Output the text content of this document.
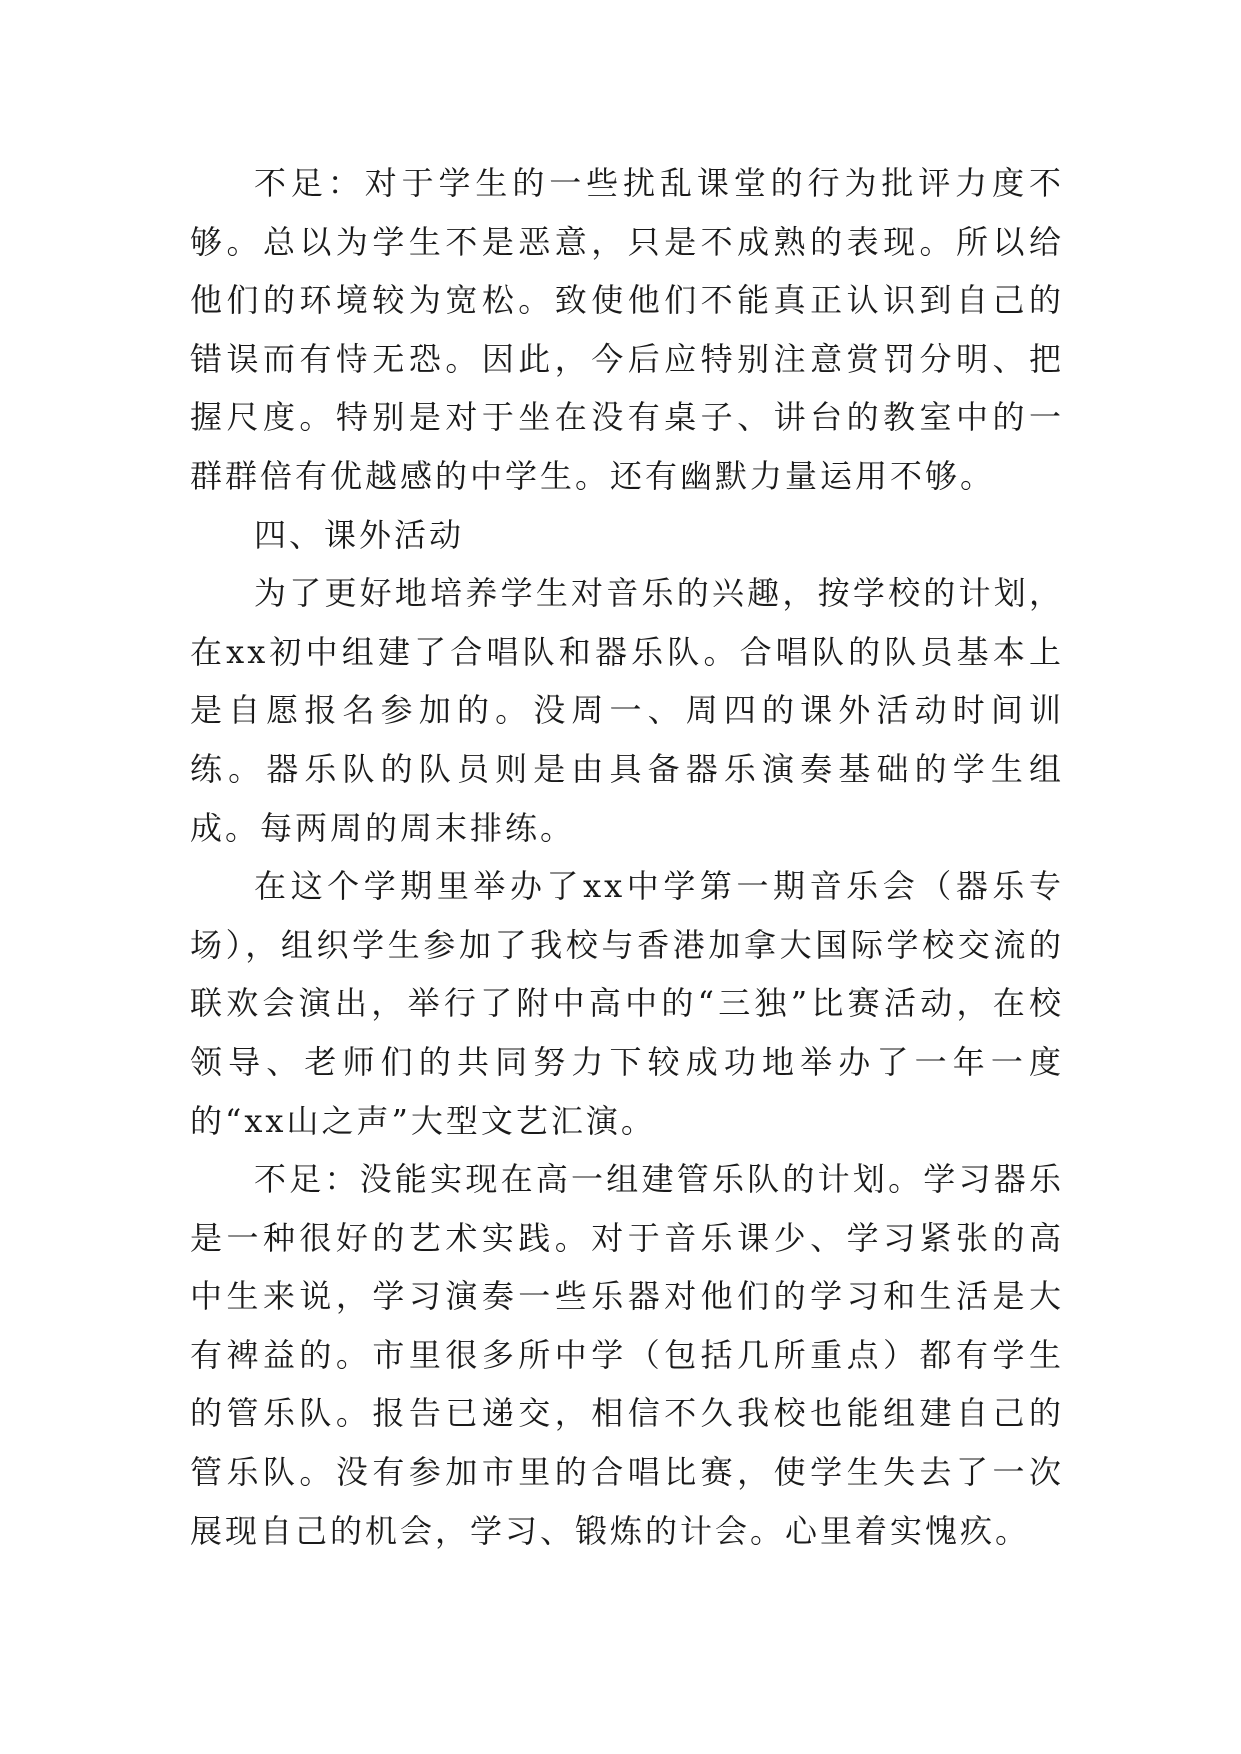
不足：对于学生的一些扰乱课堂的行为批评力度不够。总以为学生不是恶意，只是不成熟的表现。所以给他们的环境较为宽松。致使他们不能真正认识到自己的错误而有恃无恐。因此，今后应特别注意赏罚分明、把握尺度。特别是对于坐在没有桌子、讲台的教室中的一群群倍有优越感的中学生。还有幽默力量运用不够。

四、课外活动

为了更好地培养学生对音乐的兴趣，按学校的计划，在xx初中组建了合唱队和器乐队。合唱队的队员基本上是自愿报名参加的。没周一、周四的课外活动时间训练。器乐队的队员则是由具备器乐演奏基础的学生组成。每两周的周末排练。

在这个学期里举办了xx中学第一期音乐会（器乐专场），组织学生参加了我校与香港加拿大国际学校交流的联欢会演出，举行了附中高中的“三独”比赛活动，在校领导、老师们的共同努力下较成功地举办了一年一度的“xx山之声”大型文艺汇演。

不足：没能实现在高一组建管乐队的计划。学习器乐是一种很好的艺术实践。对于音乐课少、学习紧张的高中生来说，学习演奏一些乐器对他们的学习和生活是大有裨益的。市里很多所中学（包括几所重点）都有学生的管乐队。报告已递交，相信不久我校也能组建自己的管乐队。没有参加市里的合唱比赛，使学生失去了一次展现自己的机会，学习、锻炼的计会。心里着实愧疚。
